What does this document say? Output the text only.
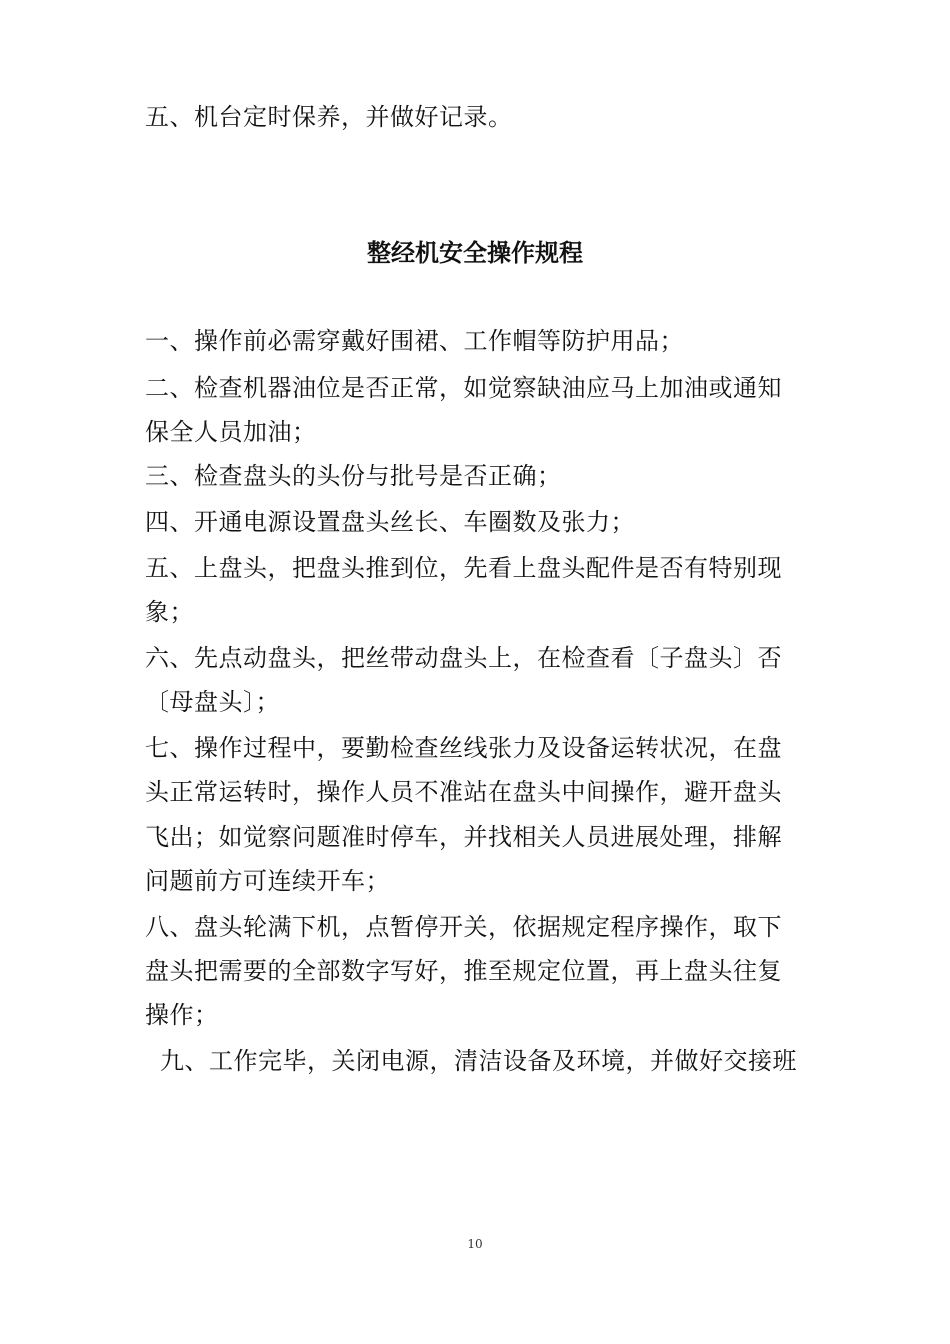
五、机台定时保养，并做好记录。
整经机安全操作规程
一、操作前必需穿戴好围裙、工作帽等防护用品；
二、检查机器油位是否正常，如觉察缺油应马上加油或通知
保全人员加油；
三、检查盘头的头份与批号是否正确；
四、开通电源设置盘头丝长、车圈数及张力；
五、上盘头，把盘头推到位，先看上盘头配件是否有特别现
象；
六、先点动盘头，把丝带动盘头上，在检查看〔子盘头〕否
〔母盘头〕；
七、操作过程中，要勤检查丝线张力及设备运转状况，在盘
头正常运转时，操作人员不准站在盘头中间操作，避开盘头
飞出；如觉察问题准时停车，并找相关人员进展处理，排解
问题前方可连续开车；
八、盘头轮满下机，点暂停开关，依据规定程序操作，取下
盘头把需要的全部数字写好，推至规定位置，再上盘头往复
操作；
九、工作完毕，关闭电源，清洁设备及环境，并做好交接班
10
